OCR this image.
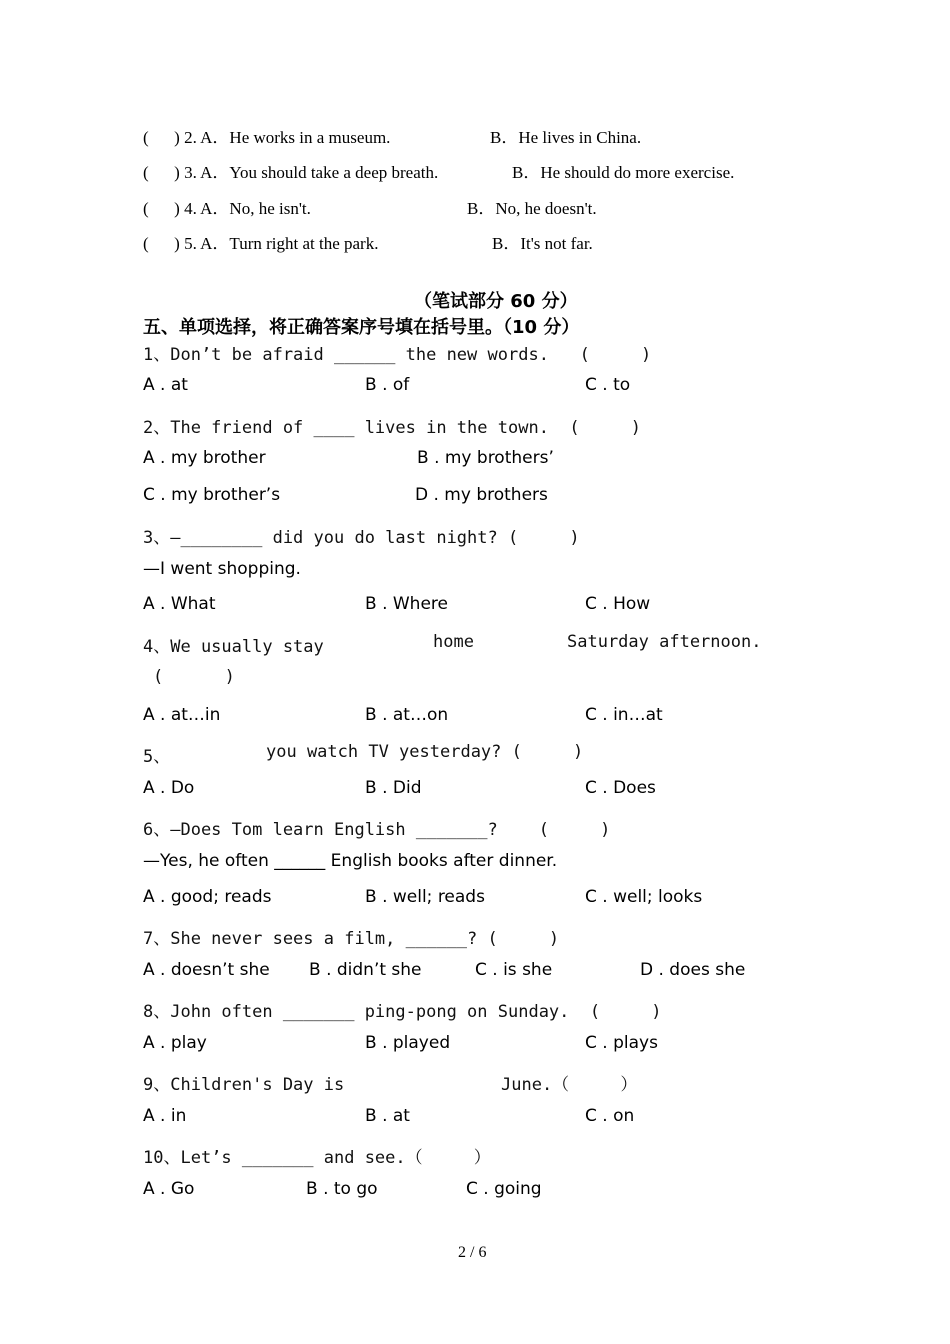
(      ) 2. A．He works in a museum.	B．He lives in China.
(      ) 3. A．You should take a deep breath.	B．He should do more exercise.
(      ) 4. A．No, he isn't.	B．No, he doesn't.
(      ) 5. A．Turn right at the park.	B．It's not far.
（笔试部分 60 分）
五、单项选择，将正确答案序号填在括号里。（10 分）
1、Don’t be afraid ______ the new words.   (     )
A . at	B . of	C . to
2、The friend of ____ lives in the town.  (     )
A . my brother	B . my brothers’
C . my brother’s	D . my brothers
3、—________ did you do last night? (     )
—I went shopping.
A . What	B . Where	C . How
4、We usually stay	home	Saturday afternoon.
(      )
A . at…in	B . at…on	C . in…at
5、	you watch TV yesterday? (     )
A . Do	B . Did	C . Does
6、—Does Tom learn English _______?    (     )
—Yes, he often ______ English books after dinner.
A . good; reads	B . well; reads	C . well; looks
7、She never sees a film, ______? (     )
A . doesn’t she B . didn’t she	C . is she	D . does she
8、John often _______ ping-pong on Sunday.  (     )
A . play	B . played	C . plays
9、Children's Day is	June.（     ）
A . in	B . at	C . on
10、Let’s _______ and see.（     ）
A . Go	B . to go	C . going
2 / 6
